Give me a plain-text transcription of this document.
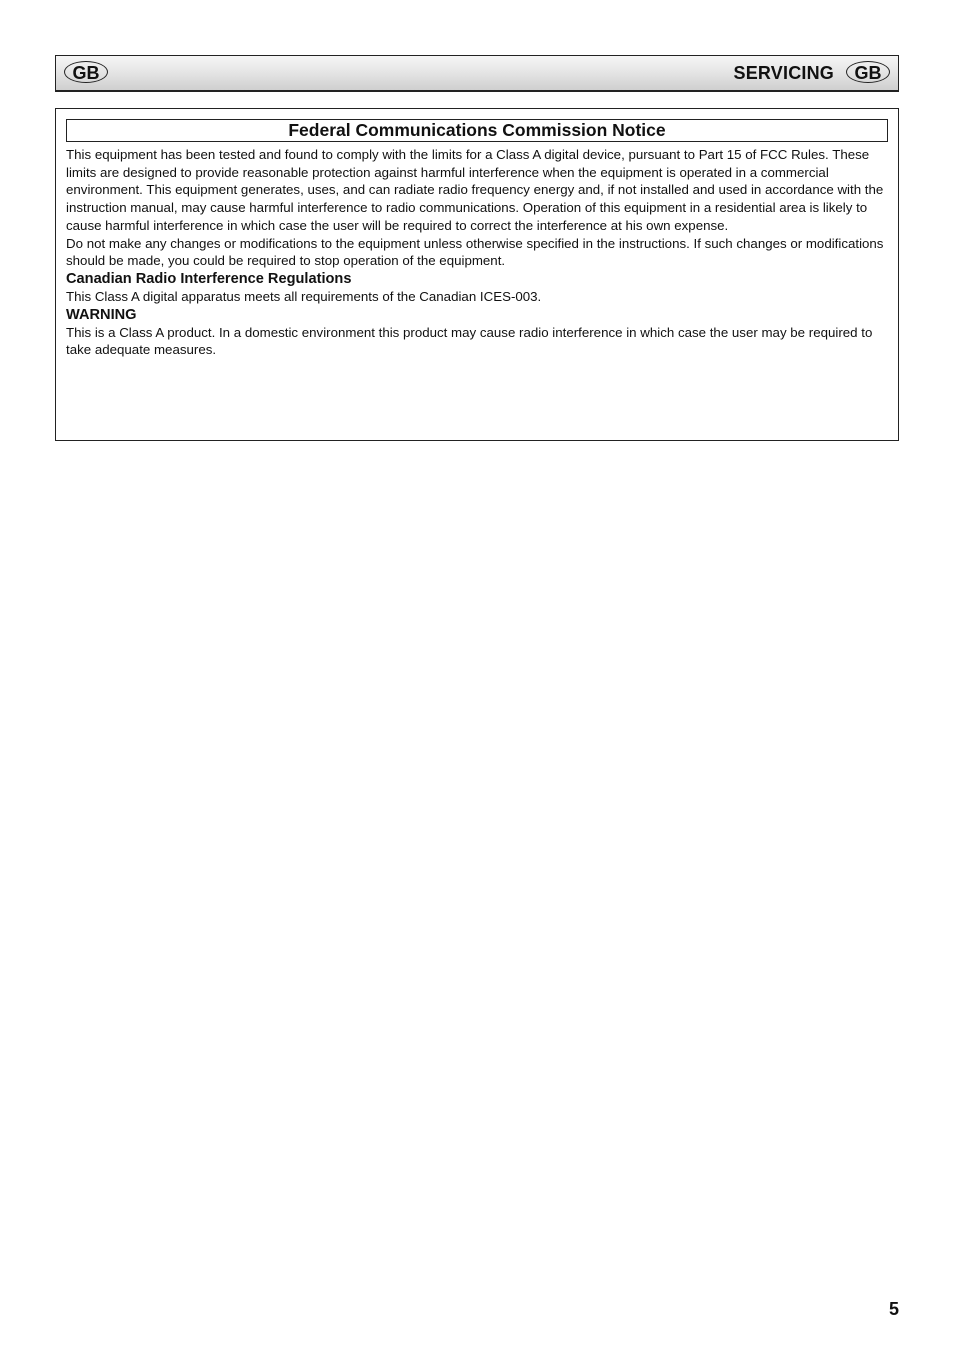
GB	SERVICING	GB
Federal Communications Commission Notice

This equipment has been tested and found to comply with the limits for a Class A digital device, pursuant to Part 15 of FCC Rules. These limits are designed to provide reasonable protection against harmful interference when the equipment is operated in a commercial environment. This equipment generates, uses, and can radiate radio frequency energy and, if not installed and used in accordance with the instruction manual, may cause harmful interference to radio communications. Operation of this equipment in a residential area is likely to cause harmful interference in which case the user will be required to correct the interference at his own expense.

Do not make any changes or modifications to the equipment unless otherwise specified in the instructions. If such changes or modifications should be made, you could be required to stop operation of the equipment.

Canadian Radio Interference Regulations

This Class A digital apparatus meets all requirements of the Canadian ICES-003.

WARNING

This is a Class A product. In a domestic environment this product may cause radio interference in which case the user may be required to take adequate measures.

5
